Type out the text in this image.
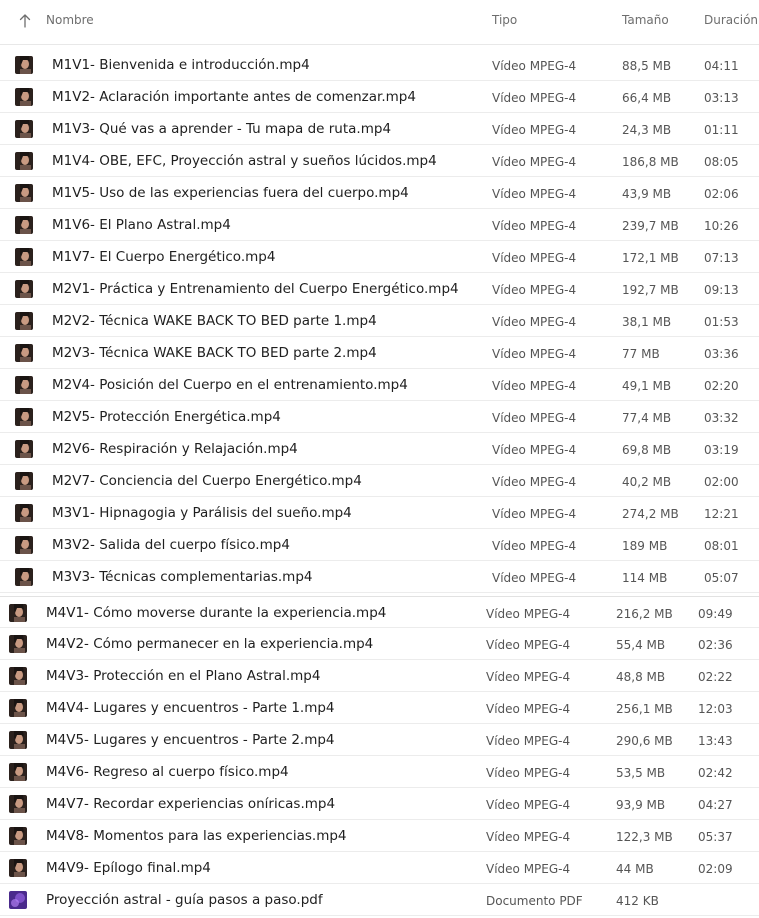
Nombre	Tipo	Tamaño	Duración
M1V1- Bienvenida e introducción.mp4	Vídeo MPEG-4	88,5 MB	04:11
M1V2- Aclaración importante antes de comenzar.mp4	Vídeo MPEG-4	66,4 MB	03:13
M1V3- Qué vas a aprender - Tu mapa de ruta.mp4	Vídeo MPEG-4	24,3 MB	01:11
M1V4- OBE, EFC, Proyección astral y sueños lúcidos.mp4	Vídeo MPEG-4	186,8 MB 08:05
M1V5- Uso de las experiencias fuera del cuerpo.mp4	Vídeo MPEG-4	43,9 MB	02:06
M1V6- El Plano Astral.mp4	Vídeo MPEG-4	239,7 MB 10:26
M1V7- El Cuerpo Energético.mp4	Vídeo MPEG-4	172,1 MB 07:13
M2V1- Práctica y Entrenamiento del Cuerpo Energético.mp4	Vídeo MPEG-4	192,7 MB 09:13
M2V2- Técnica WAKE BACK TO BED parte 1.mp4	Vídeo MPEG-4	38,1 MB	01:53
M2V3- Técnica WAKE BACK TO BED parte 2.mp4	Vídeo MPEG-4	77 MB	03:36
M2V4- Posición del Cuerpo en el entrenamiento.mp4	Vídeo MPEG-4	49,1 MB	02:20
M2V5- Protección Energética.mp4	Vídeo MPEG-4	77,4 MB	03:32
M2V6- Respiración y Relajación.mp4	Vídeo MPEG-4	69,8 MB	03:19
M2V7- Conciencia del Cuerpo Energético.mp4	Vídeo MPEG-4	40,2 MB	02:00
M3V1- Hipnagogia y Parálisis del sueño.mp4	Vídeo MPEG-4	274,2 MB 12:21
M3V2- Salida del cuerpo físico.mp4	Vídeo MPEG-4	189 MB	08:01
M3V3- Técnicas complementarias.mp4	Vídeo MPEG-4	114 MB	05:07
M4V1- Cómo moverse durante la experiencia.mp4	Vídeo MPEG-4	216,2 MB 09:49
M4V2- Cómo permanecer en la experiencia.mp4	Vídeo MPEG-4	55,4 MB	02:36
M4V3- Protección en el Plano Astral.mp4	Vídeo MPEG-4	48,8 MB	02:22
M4V4- Lugares y encuentros - Parte 1.mp4	Vídeo MPEG-4	256,1 MB 12:03
M4V5- Lugares y encuentros - Parte 2.mp4	Vídeo MPEG-4	290,6 MB 13:43
M4V6- Regreso al cuerpo físico.mp4	Vídeo MPEG-4	53,5 MB	02:42
M4V7- Recordar experiencias oníricas.mp4	Vídeo MPEG-4	93,9 MB	04:27
M4V8- Momentos para las experiencias.mp4	Vídeo MPEG-4	122,3 MB 05:37
M4V9- Epílogo final.mp4	Vídeo MPEG-4	44 MB	02:09
Proyección astral - guía pasos a paso.pdf	Documento PDF	412 KB
